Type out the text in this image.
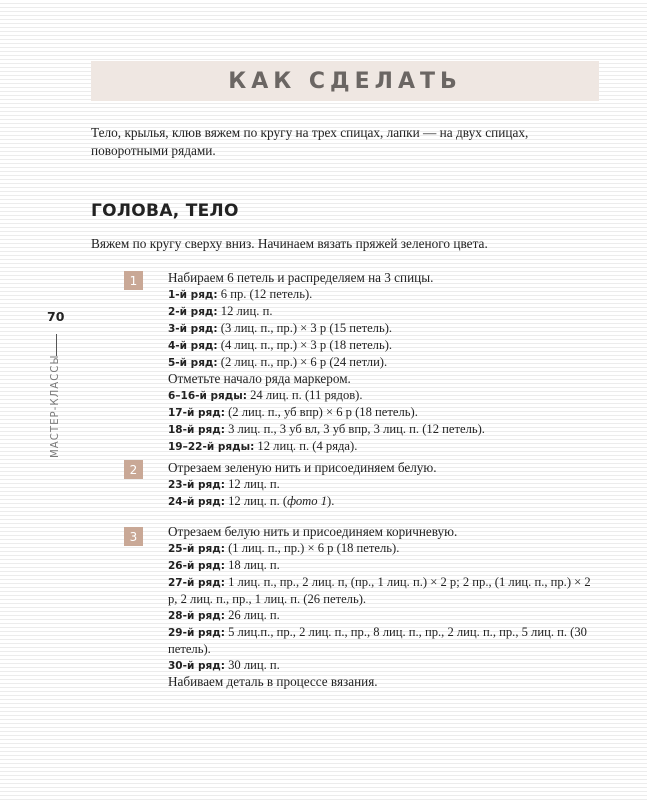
КАК СДЕЛАТЬ
Тело, крылья, клюв вяжем по кругу на трех спицах, лапки — на двух спицах, поворотными рядами.
ГОЛОВА, ТЕЛО
Вяжем по кругу сверху вниз. Начинаем вязать пряжей зеленого цвета.
70
МАСТЕР-КЛАССЫ
1	Набираем 6 петель и распределяем на 3 спицы.
1-й ряд: 6 пр. (12 петель).
2-й ряд: 12 лиц. п.
3-й ряд: (3 лиц. п., пр.) × 3 р (15 петель).
4-й ряд: (4 лиц. п., пр.) × 3 р (18 петель).
5-й ряд: (2 лиц. п., пр.) × 6 р (24 петли).
Отметьте начало ряда маркером.
6–16-й ряды: 24 лиц. п. (11 рядов).
17-й ряд: (2 лиц. п., уб впр) × 6 р (18 петель).
18-й ряд: 3 лиц. п., 3 уб вл, 3 уб впр, 3 лиц. п. (12 петель).
19–22-й ряды: 12 лиц. п. (4 ряда).
2	Отрезаем зеленую нить и присоединяем белую.
23-й ряд: 12 лиц. п.
24-й ряд: 12 лиц. п. (фото 1).
3	Отрезаем белую нить и присоединяем коричневую.
25-й ряд: (1 лиц. п., пр.) × 6 р (18 петель).
26-й ряд: 18 лиц. п.
27-й ряд: 1 лиц. п., пр., 2 лиц. п, (пр., 1 лиц. п.) × 2 р; 2 пр., (1 лиц. п., пр.) × 2 р, 2 лиц. п., пр., 1 лиц. п. (26 петель).
28-й ряд: 26 лиц. п.
29-й ряд: 5 лиц.п., пр., 2 лиц. п., пр., 8 лиц. п., пр., 2 лиц. п., пр., 5 лиц. п. (30 петель).
30-й ряд: 30 лиц. п.
Набиваем деталь в процессе вязания.
